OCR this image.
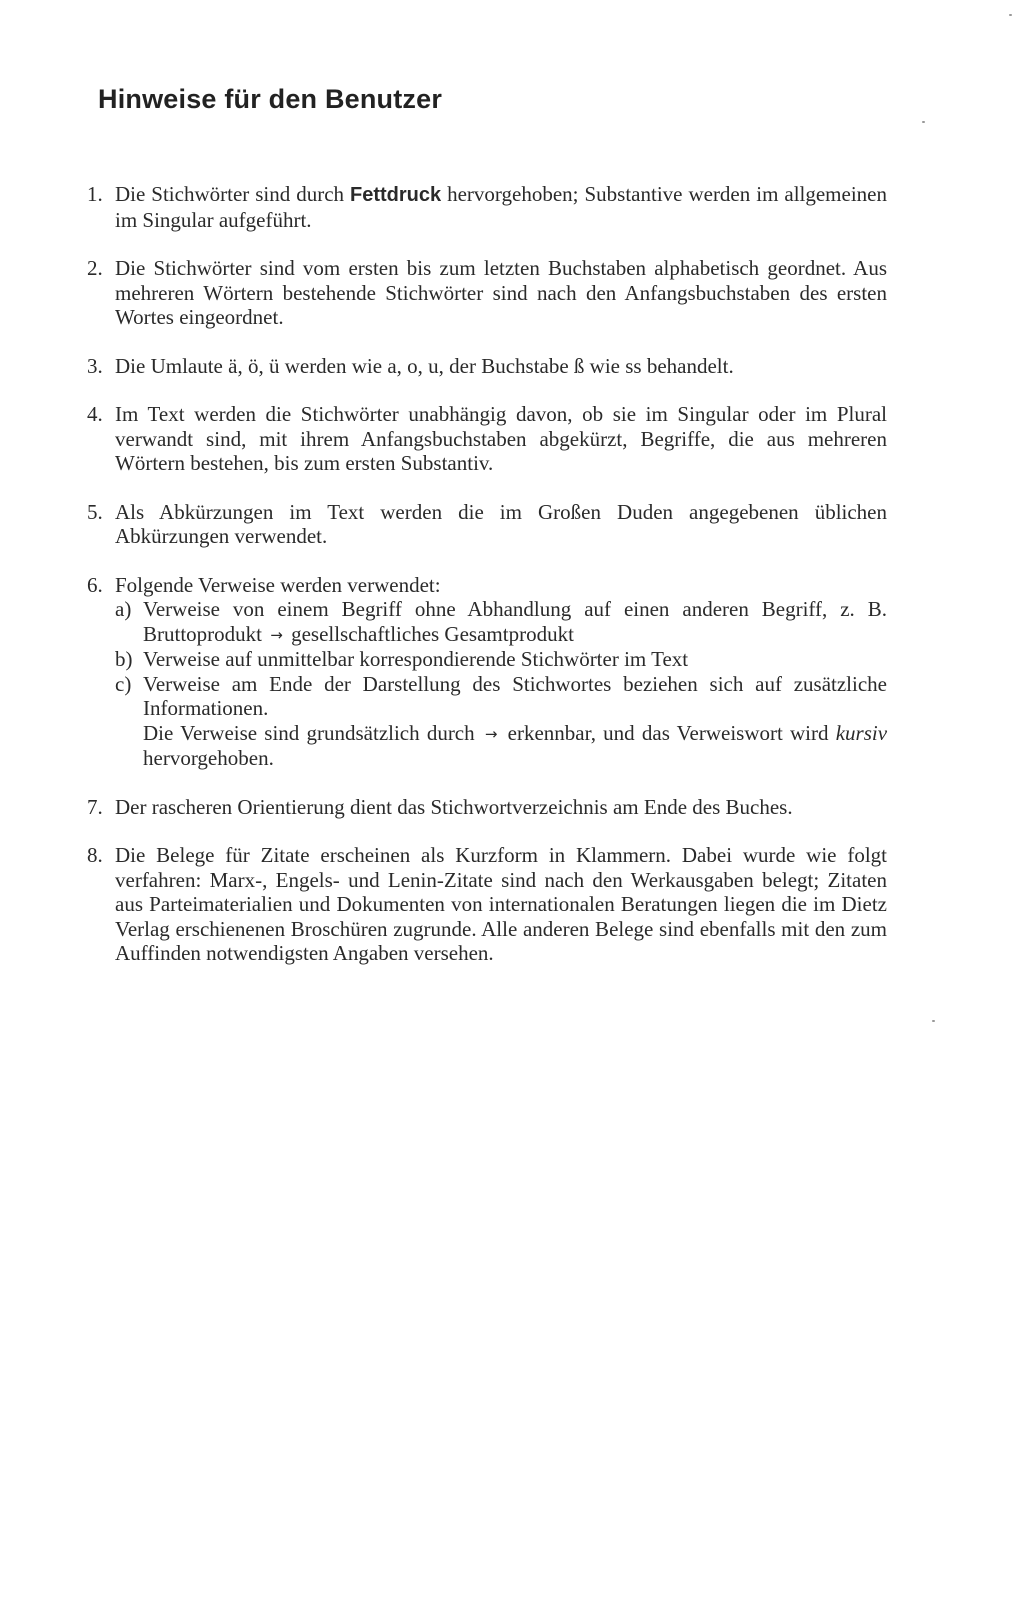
Hinweise für den Benutzer
1. Die Stichwörter sind durch Fettdruck hervorgehoben; Substantive werden im allgemeinen im Singular aufgeführt.
2. Die Stichwörter sind vom ersten bis zum letzten Buchstaben alphabetisch geordnet. Aus mehreren Wörtern bestehende Stichwörter sind nach den Anfangsbuchstaben des ersten Wortes eingeordnet.
3. Die Umlaute ä, ö, ü werden wie a, o, u, der Buchstabe ß wie ss behandelt.
4. Im Text werden die Stichwörter unabhängig davon, ob sie im Singular oder im Plural verwandt sind, mit ihrem Anfangsbuchstaben abgekürzt, Begriffe, die aus mehreren Wörtern bestehen, bis zum ersten Substantiv.
5. Als Abkürzungen im Text werden die im Großen Duden angegebenen üblichen Abkürzungen verwendet.
6. Folgende Verweise werden verwendet:
a) Verweise von einem Begriff ohne Abhandlung auf einen anderen Begriff, z. B. Bruttoprodukt → gesellschaftliches Gesamtprodukt
b) Verweise auf unmittelbar korrespondierende Stichwörter im Text
c) Verweise am Ende der Darstellung des Stichwortes beziehen sich auf zusätzliche Informationen.
Die Verweise sind grundsätzlich durch → erkennbar, und das Verweiswort wird kursiv hervorgehoben.
7. Der rascheren Orientierung dient das Stichwortverzeichnis am Ende des Buches.
8. Die Belege für Zitate erscheinen als Kurzform in Klammern. Dabei wurde wie folgt verfahren: Marx-, Engels- und Lenin-Zitate sind nach den Werkausgaben belegt; Zitaten aus Parteimaterialien und Dokumenten von internationalen Beratungen liegen die im Dietz Verlag erschienenen Broschüren zugrunde. Alle anderen Belege sind ebenfalls mit den zum Auffinden notwendigsten Angaben versehen.
